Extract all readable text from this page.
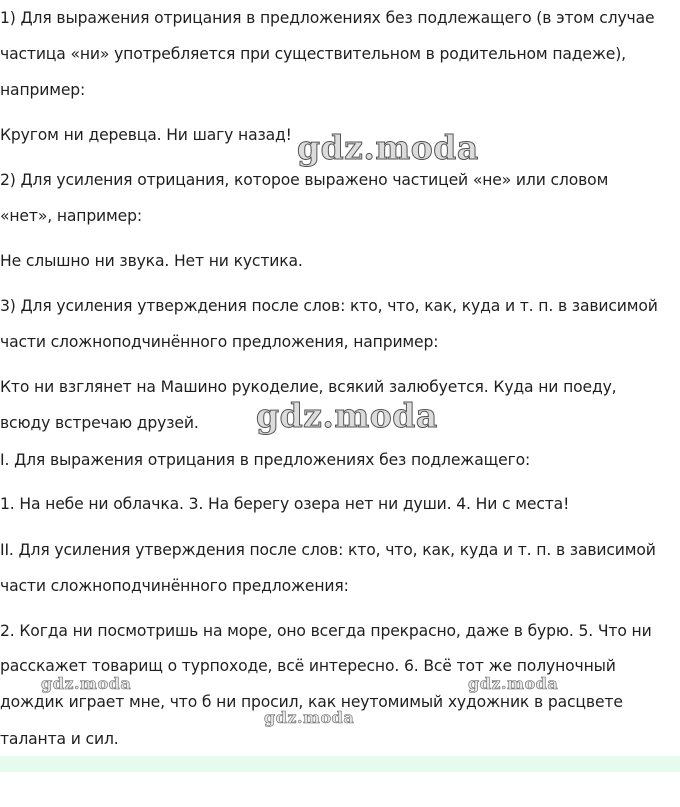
1) Для выражения отрицания в предложениях без подлежащего (в этом случае
частица «ни» употребляется при существительном в родительном падеже),
например:
Кругом ни деревца. Ни шагу назад!
2) Для усиления отрицания, которое выражено частицей «не» или словом
«нет», например:
Не слышно ни звука. Нет ни кустика.
3) Для усиления утверждения после слов: кто, что, как, куда и т. п. в зависимой
части сложноподчинённого предложения, например:
Кто ни взглянет на Машино рукоделие, всякий залюбуется. Куда ни поеду,
всюду встречаю друзей.
I. Для выражения отрицания в предложениях без подлежащего:
1. На небе ни облачка. 3. На берегу озера нет ни души. 4. Ни с места!
II. Для усиления утверждения после слов: кто, что, как, куда и т. п. в зависимой
части сложноподчинённого предложения:
2. Когда ни посмотришь на море, оно всегда прекрасно, даже в бурю. 5. Что ни
расскажет товарищ о турпоходе, всё интересно. 6. Всё тот же полуночный
дождик играет мне, что б ни просил, как неутомимый художник в расцвете
таланта и сил.
gdz.moda
gdz.moda
gdz.moda	gdz.moda
gdz.moda
